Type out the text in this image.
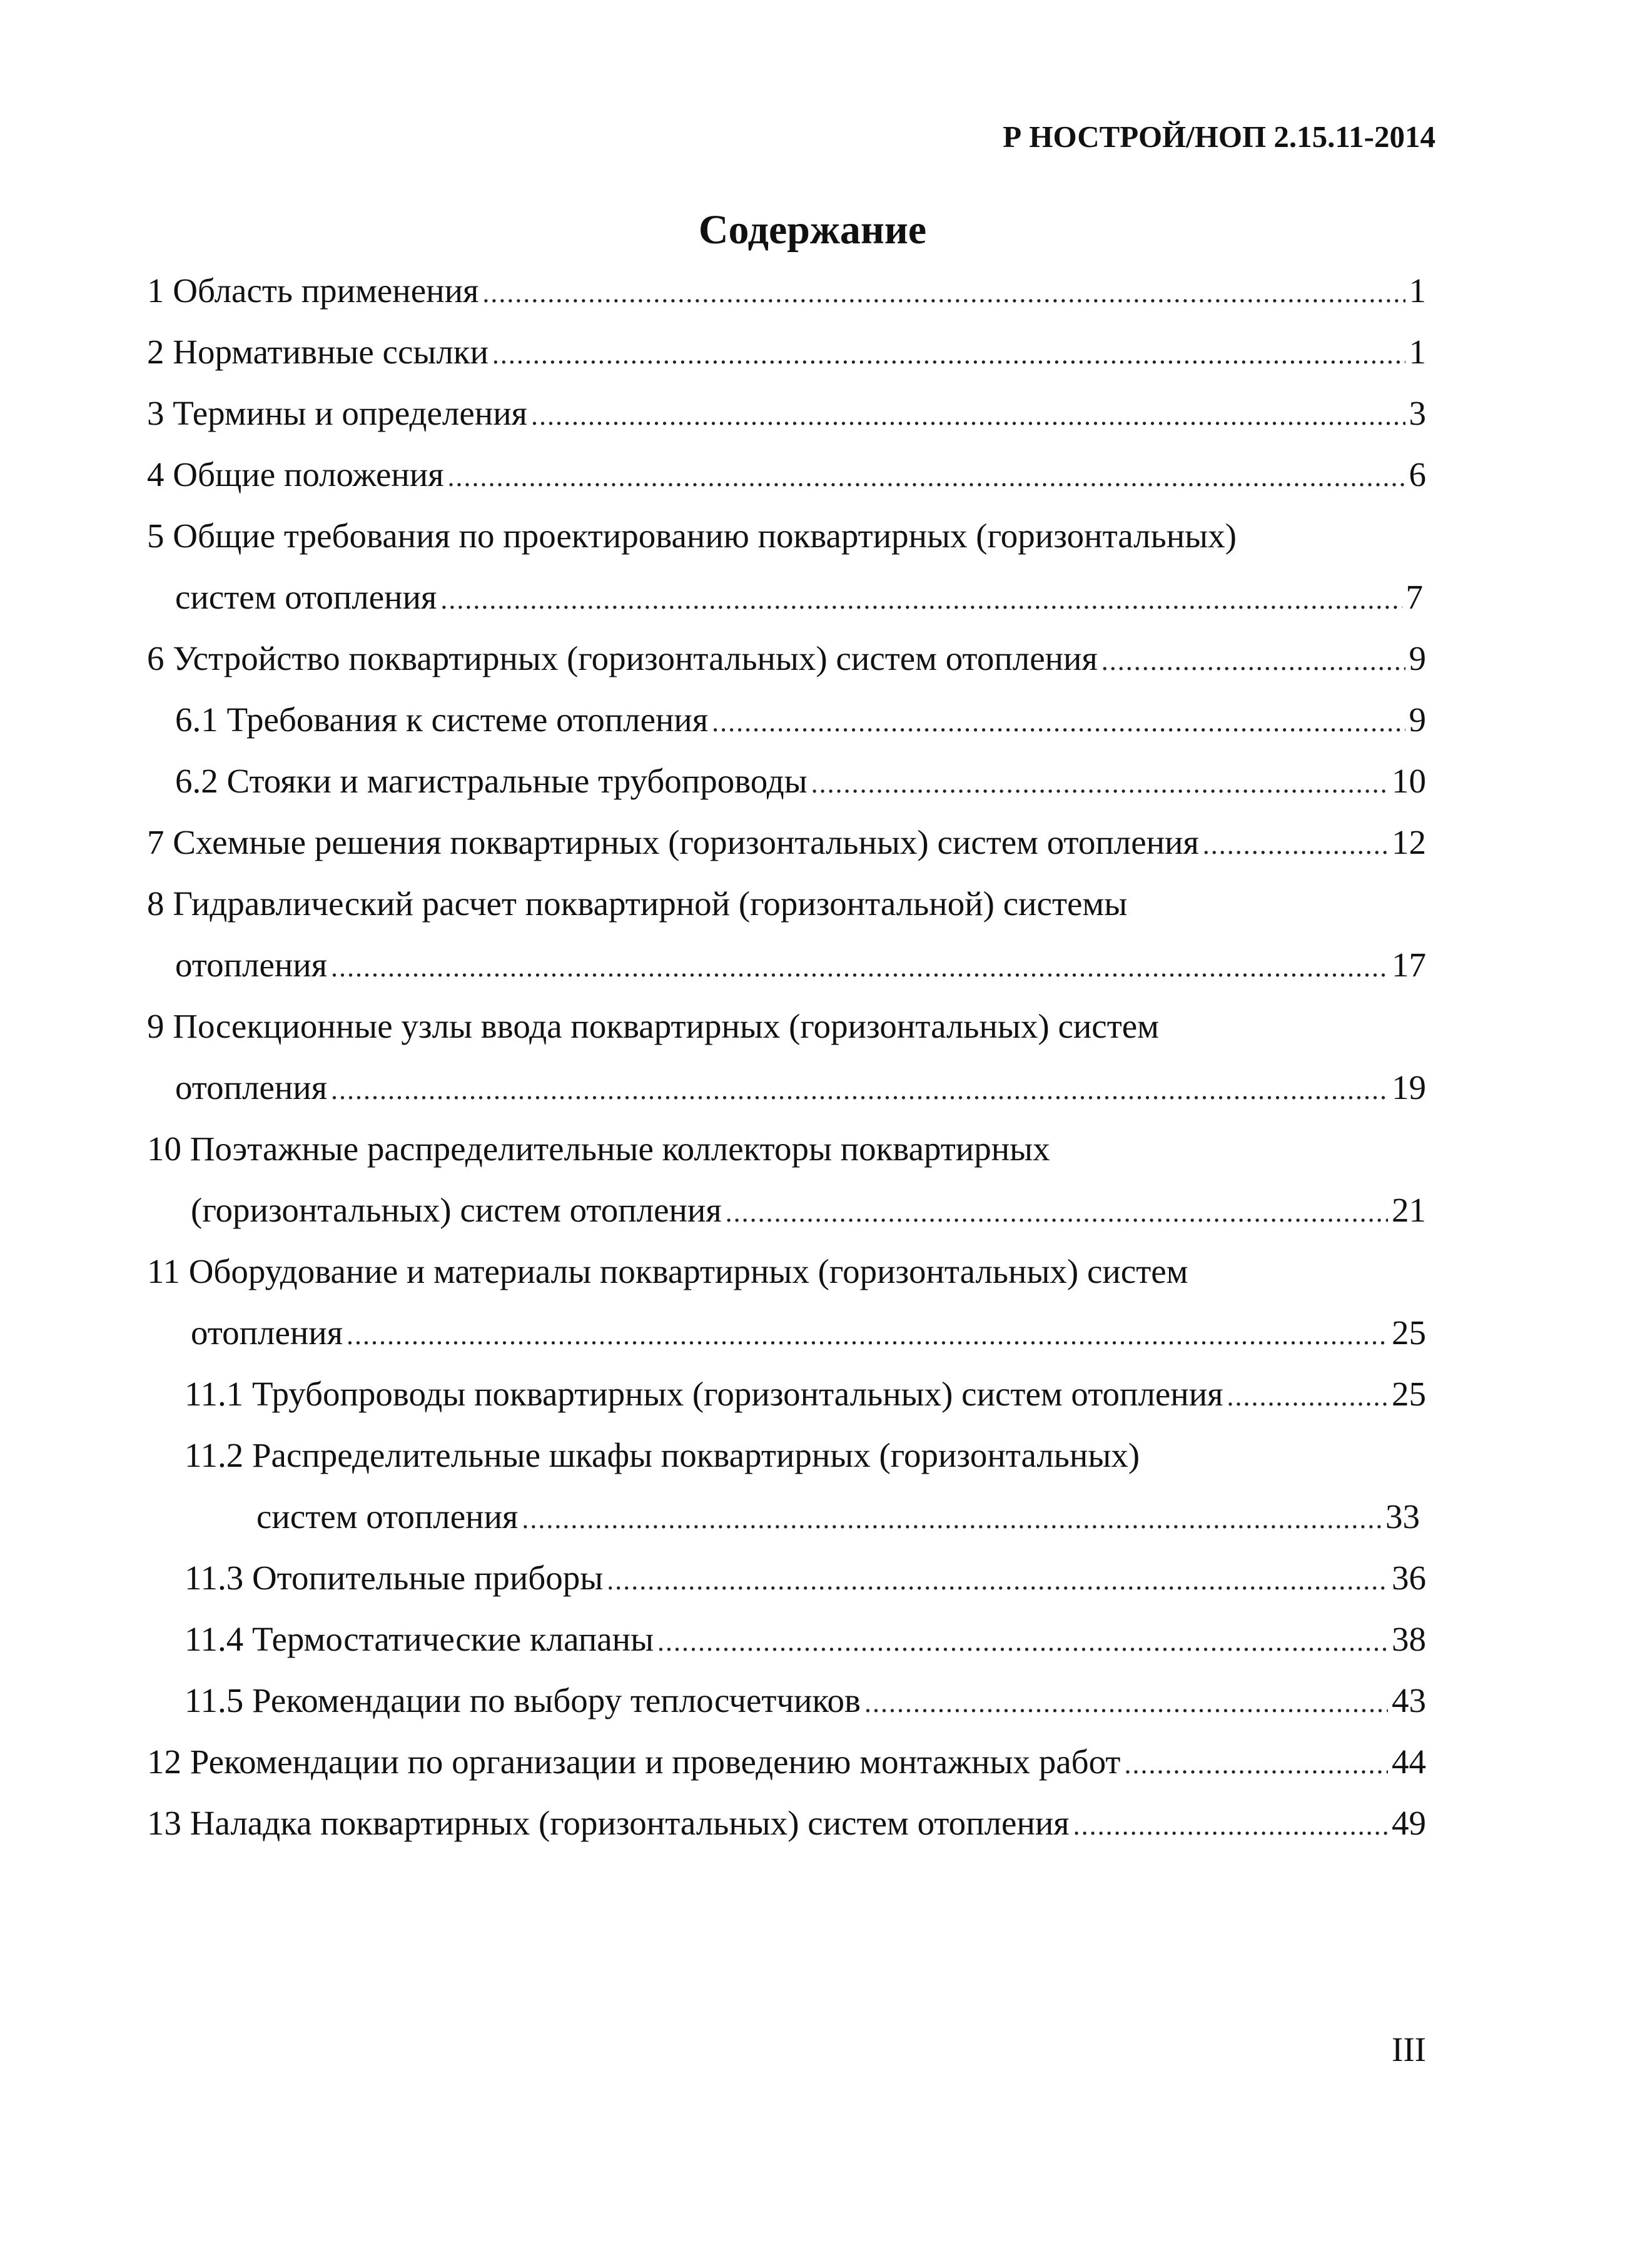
Р НОСТРОЙ/НОП 2.15.11-2014
Содержание
1 Область применения .....	1
2 Нормативные ссылки .....	1
3 Термины и определения .....	3
4 Общие положения .....	6
5 Общие требования по проектированию поквартирных (горизонтальных)
систем отопления .....	7
6 Устройство поквартирных (горизонтальных) систем отопления .....	9
6.1 Требования к системе отопления .....	9
6.2 Стояки и магистральные трубопроводы .....	10
7 Схемные решения поквартирных (горизонтальных) систем отопления .....	12
8 Гидравлический расчет поквартирной (горизонтальной) системы
отопления .....	17
9 Посекционные узлы ввода поквартирных (горизонтальных) систем
отопления .....	19
10 Поэтажные распределительные коллекторы поквартирных
(горизонтальных) систем отопления .....	21
11 Оборудование и материалы поквартирных (горизонтальных) систем
отопления .....	25
11.1 Трубопроводы поквартирных (горизонтальных) систем отопления .....	25
11.2 Распределительные шкафы поквартирных (горизонтальных)
систем отопления .....	33
11.3 Отопительные приборы .....	36
11.4 Термостатические клапаны .....	38
11.5 Рекомендации по выбору теплосчетчиков .....	43
12 Рекомендации по организации и проведению монтажных работ .....	44
13 Наладка поквартирных (горизонтальных) систем отопления .....	49
III
